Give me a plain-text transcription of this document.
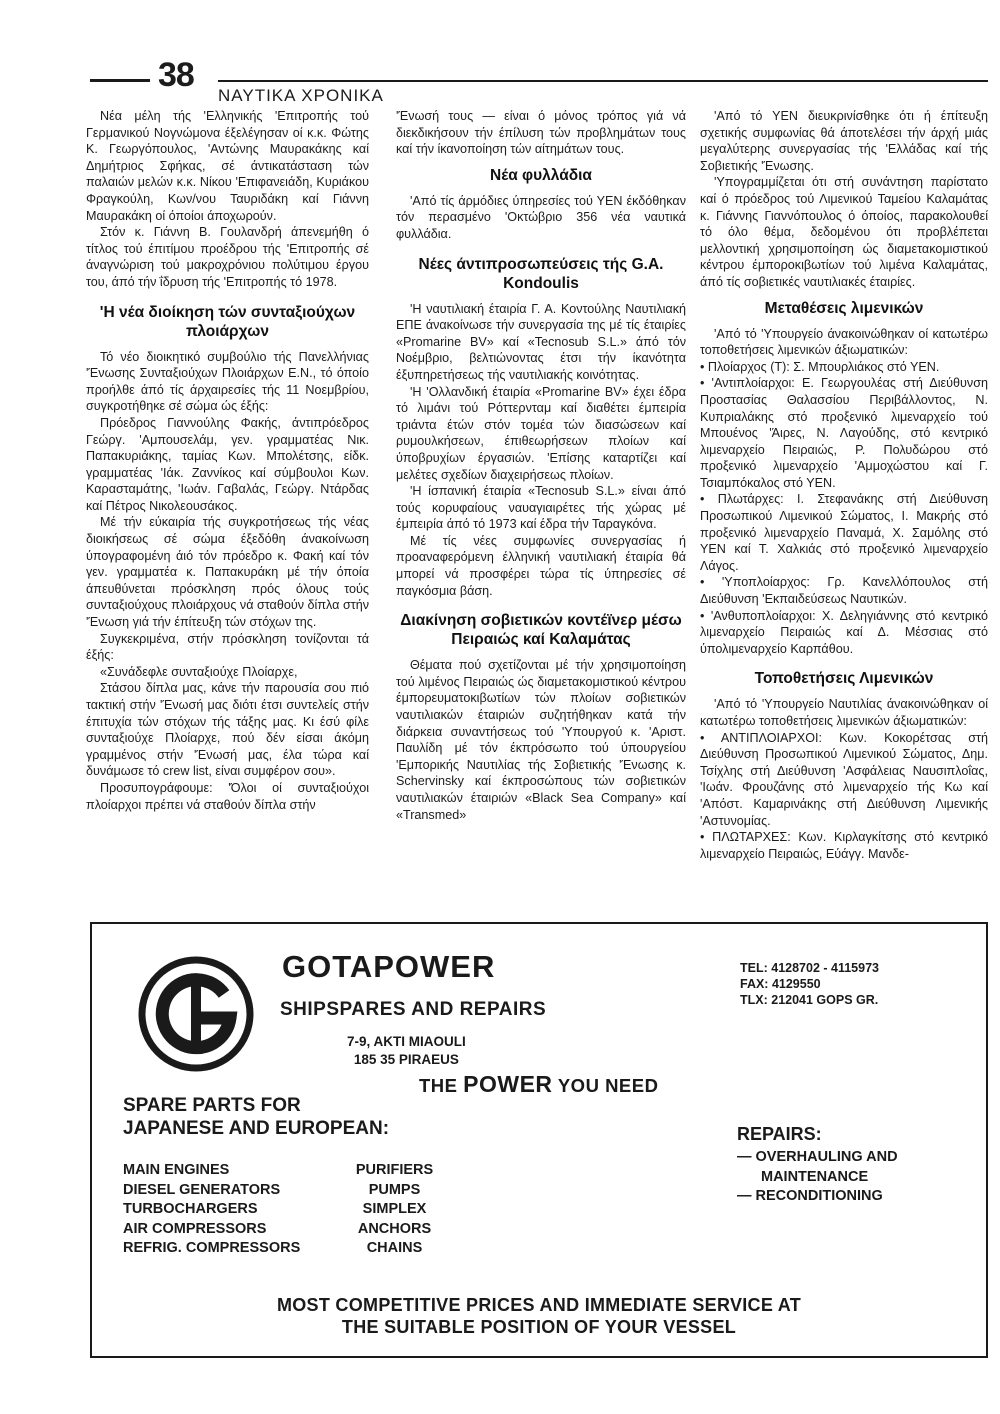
38
ΝΑΥΤΙΚΑ ΧΡΟΝΙΚΑ

Νέα μέλη τής 'Ελληνικής 'Επιτροπής τού Γερμανικού Νογνώμονα έξελέγησαν οί κ.κ. Φώτης Κ. Γεωργόπουλος, 'Αντώνης Μαυρακάκης καί Δημήτριος Σφήκας, σέ άντικατάσταση τών παλαιών μελών κ.κ. Νίκου 'Επιφανειάδη, Κυριάκου Φραγκούλη, Κων/νου Ταυριδάκη καί Γιάννη Μαυρακάκη οί όποίοι άποχωρούν.

Στόν κ. Γιάννη Β. Γουλανδρή άπενεμήθη ό τίτλος τού έπιτίμου προέδρου τής 'Επιτροπής σέ άναγνώριση τού μακροχρόνιου πολύτιμου έργου του, άπό τήν ΐδρυση τής 'Επιτροπής τό 1978.

'Η νέα διοίκηση τών συνταξιούχων πλοιάρχων

Τό νέο διοικητικό συμβούλιο τής Πανελλήνιας 'Ένωσης Συνταξιούχων Πλοιάρχων Ε.Ν., τό όποίο προήλθε άπό τίς άρχαιρεσίες τής 11 Νοεμβρίου, συγκροτήθηκε σέ σώμα ώς έξής:

Πρόεδρος Γιαννούλης Φακής, άντιπρόεδρος Γεώργ. 'Αμπουσελάμ, γεν. γραμματέας Νικ. Παπακυριάκης, ταμίας Κων. Μπολέτσης, είδκ. γραμματέας 'Ιάκ. Ζαννίκος καί σύμβουλοι Κων. Καρασταμάτης, 'Ιωάν. Γαβαλάς, Γεώργ. Ντάρδας καί Πέτρος Νικολεουσάκος.

Μέ τήν εύκαιρία τής συγκροτήσεως τής νέας διοικήσεως σέ σώμα έξεδόθη άνακοίνωση ύπογραφομένη άιό τόν πρόεδρο κ. Φακή καί τόν γεν. γραμματέα κ. Παπακυράκη μέ τήν όποία άπευθύνεται πρόσκληση πρός όλους τούς συνταξιούχους πλοιάρχους νά σταθούν δίπλα στήν 'Ένωση γιά τήν έπίτευξη τών στόχων της.

Συγκεκριμένα, στήν πρόσκληση τονίζονται τά έξής:

«Συνάδεφλε συνταξιούχε Πλοίαρχε,

Στάσου δίπλα μας, κάνε τήν παρουσία σου πιό τακτική στήν 'Ένωσή μας διότι έτσι συντελείς στήν έπιτυχία τών στόχων τής τάξης μας. Κι έσύ φίλε συνταξιούχε Πλοίαρχε, πού δέν είσαι άκόμη γραμμένος στήν 'Ένωσή μας, έλα τώρα καί δυνάμωσε τό crew list, είναι συμφέρον σου».

Προσυπογράφουμε: 'Όλοι οί συνταξιούχοι πλοίαρχοι πρέπει νά σταθούν δίπλα στήν

'Ένωσή τους — είναι ό μόνος τρόπος γιά νά διεκδικήσουν τήν έπίλυση τών προβλημάτων τους καί τήν ίκανοποίηση τών αίτημάτων τους.

Νέα φυλλάδια

'Από τίς άρμόδιες ύπηρεσίες τού ΥΕΝ έκδόθηκαν τόν περασμένο 'Οκτώβριο 356 νέα ναυτικά φυλλάδια.

Νέες άντιπροσωπεύσεις τής G.A. Kondoulis

'Η ναυτιλιακή έταιρία Γ. Α. Κοντούλης Ναυτιλιακή ΕΠΕ άνακοίνωσε τήν συνεργασία της μέ τίς έταιρίες «Promarine BV» καί «Tecnosub S.L.» άπό τόν Νοέμβριο, βελτιώνοντας έτσι τήν ίκανότητα έξυπηρετήσεως τής ναυτιλιακής κοινότητας.

'Η 'Ολλανδική έταιρία «Promarine BV» έχει έδρα τό λιμάνι τού Ρόττερνταμ καί διαθέτει έμπειρία τριάντα έτών στόν τομέα τών διασώσεων καί ρυμουλκήσεων, έπιθεωρήσεων πλοίων καί ύποβρυχίων έργασιών. 'Επίσης καταρτίζει καί μελέτες σχεδίων διαχειρήσεως πλοίων.

'Η ίσπανική έταιρία «Tecnosub S.L.» είναι άπό τούς κορυφαίους ναυαγιαιρέτες τής χώρας μέ έμπειρία άπό τό 1973 καί έδρα τήν Ταραγκόνα.

Μέ τίς νέες συμφωνίες συνεργασίας ή προαναφερόμενη έλληνική ναυτιλιακή έταιρία θά μπορεί νά προσφέρει τώρα τίς ύπηρεσίες σέ παγκόσμια βάση.

Διακίνηση σοβιετικών κοντέϊνερ μέσω Πειραιώς καί Καλαμάτας

Θέματα πού σχετίζονται μέ τήν χρησιμοποίηση τού λιμένος Πειραιώς ώς διαμετακομιστικού κέντρου έμπορευματοκιβωτίων τών πλοίων σοβιετικών ναυτιλιακών έταιριών συζητήθηκαν κατά τήν διάρκεια συναντήσεως τού 'Υπουργού κ. 'Αριστ. Παυλίδη μέ τόν έκπρόσωπο τού ύπουργείου 'Εμπορικής Ναυτιλίας τής Σοβιετικής 'Ένωσης κ. Schervinsky καί έκπροσώπους τών σοβιετικών ναυτιλιακών έταιριών «Black Sea Company» καί «Transmed»

'Από τό ΥΕΝ διευκρινίσθηκε ότι ή έπίτευξη σχετικής συμφωνίας θά άποτελέσει τήν άρχή μιάς μεγαλύτερης συνεργασίας τής 'Ελλάδας καί τής Σοβιετικής 'Ένωσης.

'Υπογραμμίζεται ότι στή συνάντηση παρίστατο καί ό πρόεδρος τού Λιμενικού Ταμείου Καλαμάτας κ. Γιάννης Γιαννόπουλος ό όποίος, παρακολουθεί τό όλο θέμα, δεδομένου ότι προβλέπεται μελλοντική χρησιμοποίηση ώς διαμετακομιστικού κέντρου έμπορoκιβωτίων τού λιμένα Καλαμάτας, άπό τίς σοβιετικές ναυτιλιακές έταιρίες.

Μεταθέσεις λιμενικών

'Από τό 'Υπουργείο άνακοινώθηκαν οί κατωτέρω τοποθετήσεις λιμενικών άξιωματικών:

• Πλοίαρχος (Τ): Σ. Μπουρλιάκος στό ΥΕΝ.

• 'Αντιπλοίαρχοι: Ε. Γεωργουλέας στή Διεύθυνση Προστασίας Θαλασσίου Περιβάλλοντος, Ν. Κυπριαλάκης στό προξενικό λιμεναρχείο τού Μπουένος 'Άιρες, Ν. Λαγούδης, στό κεντρικό λιμεναρχείο Πειραιώς, Ρ. Πολυδώρου στό προξενικό λιμεναρχείο 'Αμμοχώστου καί Γ. Τσιαμπόκαλος στό ΥΕΝ.

• Πλωτάρχες: Ι. Στεφανάκης στή Διεύθυνση Προσωπικού Λιμενικού Σώματος, Ι. Μακρής στό προξενικό λιμεναρχείο Παναμά, Χ. Σαμόλης στό ΥΕΝ καί Τ. Χαλκιάς στό προξενικό λιμεναρχείο Λάγος.

• 'Υποπλοίαρχος: Γρ. Κανελλόπουλος στή Διεύθυνση 'Εκπαιδεύσεως Ναυτικών.

• 'Ανθυποπλοίαρχοι: Χ. Δεληγιάννης στό κεντρικό λιμεναρχείο Πειραιώς καί Δ. Μέσσιας στό ύπολιμεναρχείο Καρπάθου.

Τοποθετήσεις Λιμενικών

'Από τό 'Υπουργείο Ναυτιλίας άνακοινώθηκαν οί κατωτέρω τοποθετήσεις λιμενικών άξιωματικών:

• ΑΝΤΙΠΛΟΙΑΡΧΟΙ: Κων. Κοκορέτσας στή Διεύθυνση Προσωπικού Λιμενικού Σώματος, Δημ. Τσίχλης στή Διεύθυνση 'Ασφάλειας Ναυσιπλοΐας, 'Ιωάν. Φρουζάνης στό λιμεναρχείο τής Κω καί 'Απόστ. Καμαρινάκης στή Διεύθυνση Λιμενικής 'Αστυνομίας.

• ΠΛΩΤΑΡΧΕΣ: Κων. Κιρλαγκίτσης στό κεντρικό λιμεναρχείο Πειραιώς, Εύάγγ. Μανδε-

GOTAPOWER
SHIPSPARES AND REPAIRS
7-9, AKTI MIAOULI
185 35 PIRAEUS
TEL: 4128702 - 4115973
FAX: 4129550
TLX: 212041 GOPS GR.
THE POWER YOU NEED
SPARE PARTS FOR
JAPANESE AND EUROPEAN:
MAIN ENGINES
DIESEL GENERATORS
TURBOCHARGERS
AIR COMPRESSORS
REFRIG. COMPRESSORS
PURIFIERS
PUMPS
SIMPLEX
ANCHORS
CHAINS
REPAIRS:
— OVERHAULING AND
MAINTENANCE
— RECONDITIONING
MOST COMPETITIVE PRICES AND IMMEDIATE SERVICE AT
THE SUITABLE POSITION OF YOUR VESSEL
